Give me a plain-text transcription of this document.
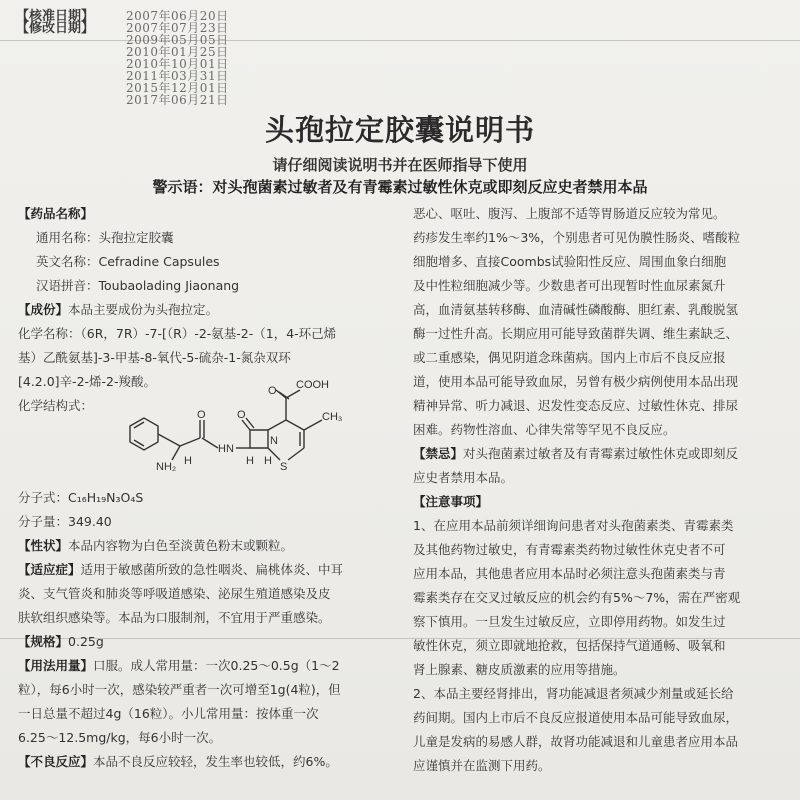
【核准日期】	2007年06月20日
【修改日期】	2007年07月23日
2009年05月05日
2010年01月25日
2010年10月01日
2011年03月31日
2015年12月01日
2017年06月21日
头孢拉定胶囊说明书
请仔细阅读说明书并在医师指导下使用
警示语：对头孢菌素过敏者及有青霉素过敏性休克或即刻反应史者禁用本品
【药品名称】
通用名称：头孢拉定胶囊
英文名称：Cefradine Capsules
汉语拼音：Toubaolading Jiaonang
【成份】本品主要成份为头孢拉定。
化学名称：（6R，7R）-7-[（R）-2-氨基-2-（1，4-环己烯
基）乙酰氨基]-3-甲基-8-氧代-5-硫杂-1-氮杂双环
[4.2.0]辛-2-烯-2-羧酸。
化学结构式：
COOH
CH₃
O
O	O
HN
NH₂ H	H H
N
S
分子式：C₁₆H₁₉N₃O₄S
分子量：349.40
【性状】本品内容物为白色至淡黄色粉末或颗粒。
【适应症】适用于敏感菌所致的急性咽炎、扁桃体炎、中耳
炎、支气管炎和肺炎等呼吸道感染、泌尿生殖道感染及皮
肤软组织感染等。本品为口服制剂，不宜用于严重感染。
【规格】0.25g
【用法用量】口服。成人常用量：一次0.25～0.5g（1～2
粒），每6小时一次，感染较严重者一次可增至1g(4粒)，但
一日总量不超过4g（16粒）。小儿常用量：按体重一次
6.25～12.5mg/kg，每6小时一次。
【不良反应】本品不良反应较轻，发生率也较低，约6%。
恶心、呕吐、腹泻、上腹部不适等胃肠道反应较为常见。
药疹发生率约1%～3%，个别患者可见伪膜性肠炎、嗜酸粒
细胞增多、直接Coombs试验阳性反应、周围血象白细胞
及中性粒细胞减少等。少数患者可出现暂时性血尿素氮升
高，血清氨基转移酶、血清碱性磷酸酶、胆红素、乳酸脱氢
酶一过性升高。长期应用可能导致菌群失调、维生素缺乏、
或二重感染，偶见阴道念珠菌病。国内上市后不良反应报
道，使用本品可能导致血尿，另曾有极少病例使用本品出现
精神异常、听力减退、迟发性变态反应、过敏性休克、排尿
困难。药物性溶血、心律失常等罕见不良反应。
【禁忌】对头孢菌素过敏者及有青霉素过敏性休克或即刻反
应史者禁用本品。
【注意事项】
1、在应用本品前须详细询问患者对头孢菌素类、青霉素类
及其他药物过敏史，有青霉素类药物过敏性休克史者不可
应用本品，其他患者应用本品时必须注意头孢菌素类与青
霉素类存在交叉过敏反应的机会约有5%～7%，需在严密观
察下慎用。一旦发生过敏反应，立即停用药物。如发生过
敏性休克，须立即就地抢救，包括保持气道通畅、吸氧和
肾上腺素、糖皮质激素的应用等措施。
2、本品主要经肾排出，肾功能减退者须减少剂量或延长给
药间期。国内上市后不良反应报道使用本品可能导致血尿，
儿童是发病的易感人群，故肾功能减退和儿童患者应用本品
应谨慎并在监测下用药。
